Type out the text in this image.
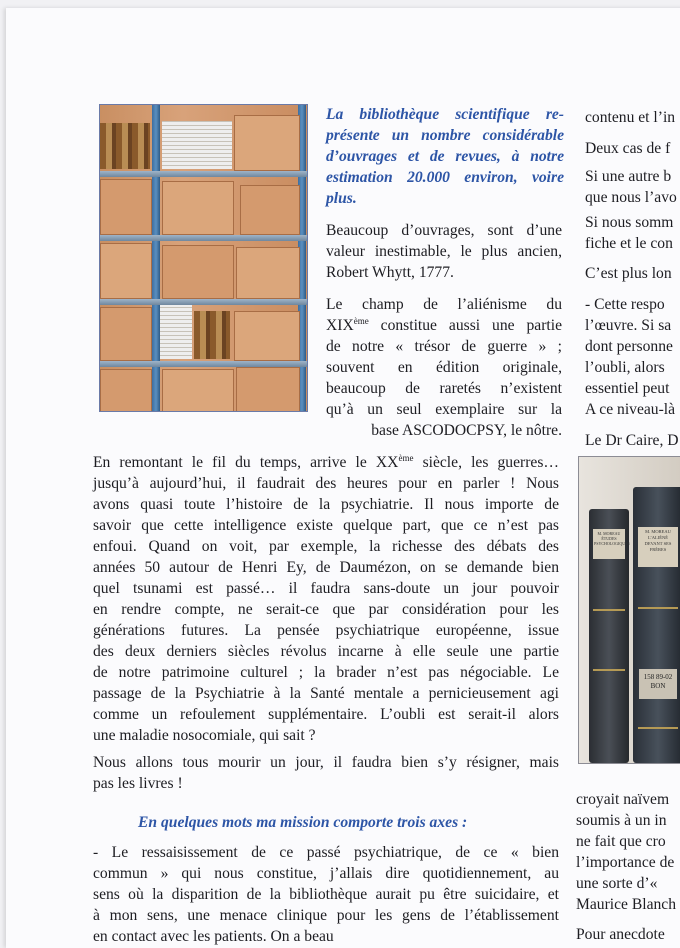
La bibliothèque scientifique re-
présente un nombre considérable
d’ouvrages et de revues, à notre
estimation 20.000 environ, voire
plus.
Beaucoup d’ouvrages, sont d’une
valeur inestimable, le plus ancien,
Robert Whytt, 1777.
Le champ de l’aliénisme du
XIXème constitue aussi une partie
de notre « trésor de guerre » ;
souvent en édition originale,
beaucoup de raretés n’existent
qu’à un seul exemplaire sur la
base ASCODOCPSY, le nôtre.
En remontant le fil du temps, arrive le XXème siècle, les guerres…
jusqu’à aujourd’hui, il faudrait des heures pour en parler ! Nous
avons quasi toute l’histoire de la psychiatrie. Il nous importe de
savoir que cette intelligence existe quelque part, que ce n’est pas
enfoui. Quand on voit, par exemple, la richesse des débats des
années 50 autour de Henri Ey, de Daumézon, on se demande bien
quel tsunami est passé… il faudra sans-doute un jour pouvoir
en rendre compte, ne serait-ce que par considération pour les
générations futures. La pensée psychiatrique européenne, issue
des deux derniers siècles révolus incarne à elle seule une partie
de notre patrimoine culturel ; la brader n’est pas négociable. Le
passage de la Psychiatrie à la Santé mentale a pernicieusement agi
comme un refoulement supplémentaire. L’oubli est serait-il alors
une maladie nosocomiale, qui sait ?
Nous allons tous mourir un jour, il faudra bien s’y résigner, mais
pas les livres !
En quelques mots ma mission comporte trois axes :
- Le ressaisissement de ce passé psychiatrique, de ce « bien
commun » qui nous constitue, j’allais dire quotidiennement, au
sens où la disparition de la bibliothèque aurait pu être suicidaire, et
à mon sens, une menace clinique pour les gens de l’établissement
en contact avec les patients. On a beau
contenu et l’in
Deux cas de f
Si une autre b
que nous l’avo
Si nous somm
fiche et le con
C’est plus lon
- Cette respo
l’œuvre. Si sa
dont personne
l’oubli, alors
essentiel peut
A ce niveau-là
Le Dr Caire, D
M. MOREAU ÉTUDES PSYCHOLOGIQUES
M. MOREAU L’ALIÉNÉ DEVANT SES FRÈRES
158 89-02 BON
croyait naïvem
soumis à un in
ne fait que cro
l’importance de
une sorte d’«
Maurice Blanch
Pour anecdote
